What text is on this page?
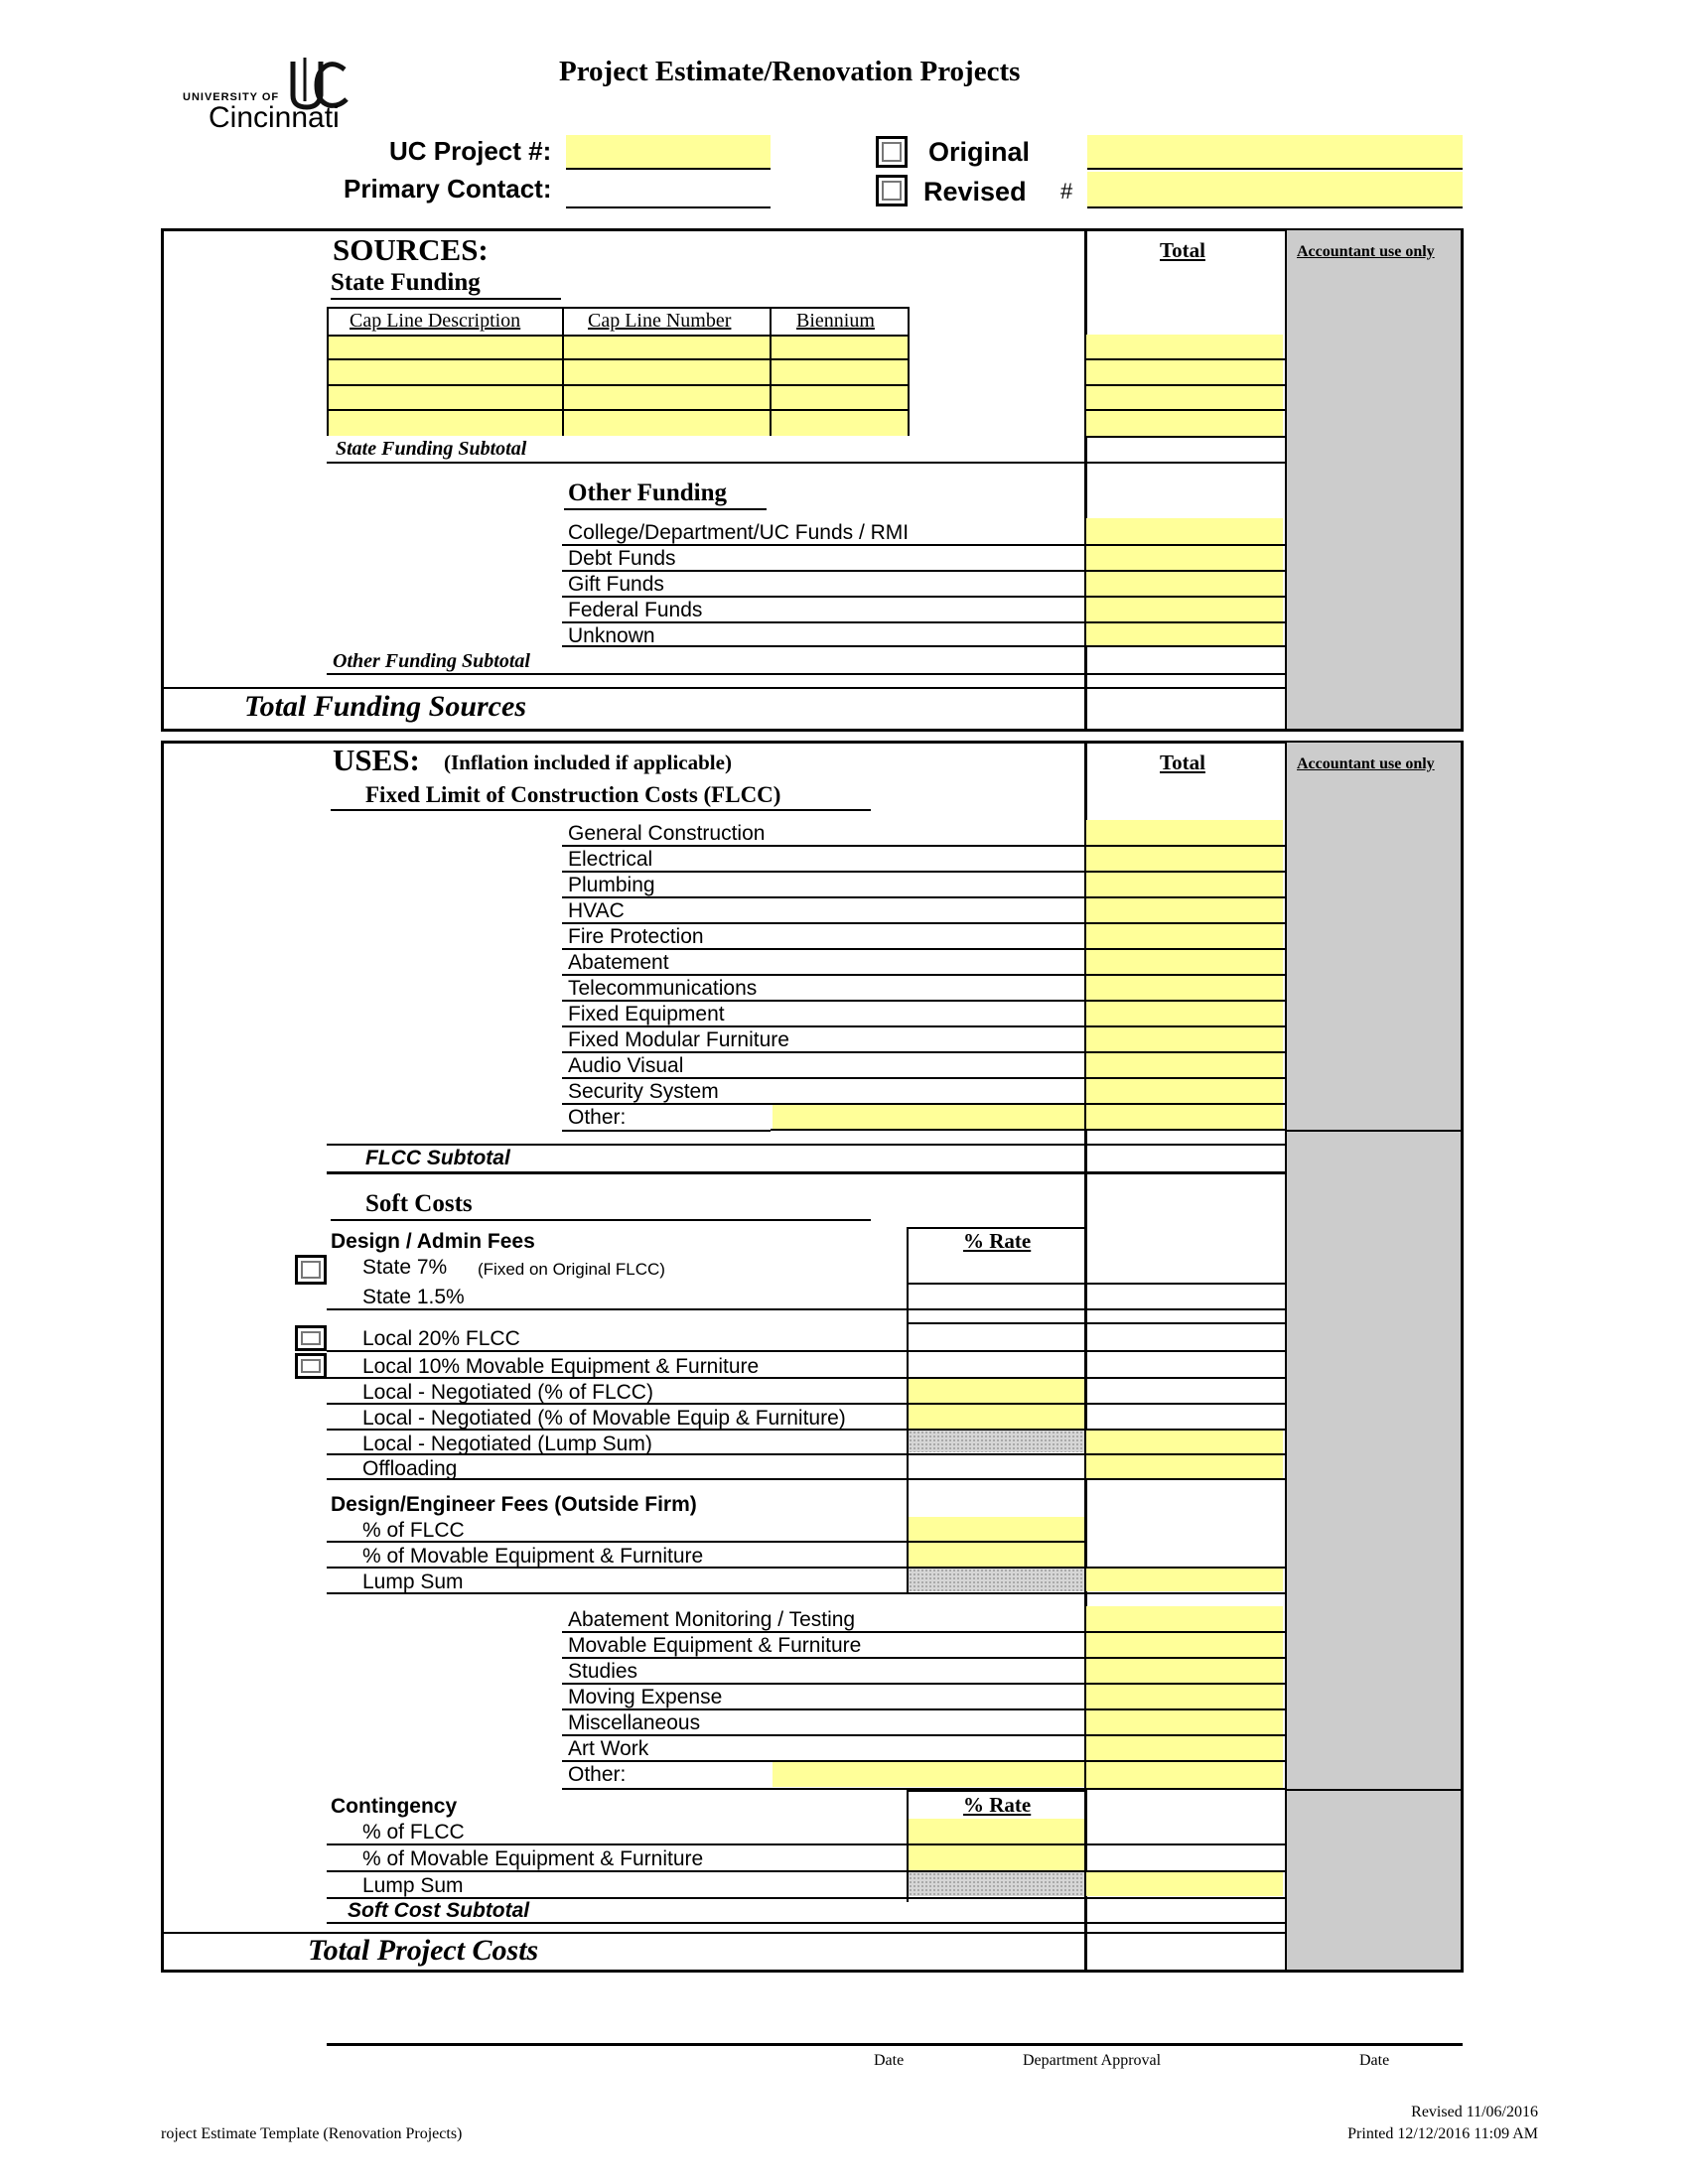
UNIVERSITY OF
Cincinnati
Project Estimate/Renovation Projects
UC Project #:
Primary Contact:
Original
Revised #
SOURCES:	Total	Accountant use only
State Funding
Cap Line Description	Cap Line Number	Biennium
State Funding Subtotal
Other Funding
College/Department/UC Funds / RMI
Debt Funds
Gift Funds
Federal Funds
Unknown
Other Funding Subtotal
Total Funding Sources
USES: (Inflation included if applicable)	Total	Accountant use only
Fixed Limit of Construction Costs (FLCC)
General Construction
Electrical
Plumbing
HVAC
Fire Protection
Abatement
Telecommunications
Fixed Equipment
Fixed Modular Furniture
Audio Visual
Security System
Other:
FLCC Subtotal
Soft Costs
% Rate
Design / Admin Fees
State 7% (Fixed on Original FLCC)
State 1.5%
Local 20% FLCC
Local 10% Movable Equipment & Furniture
Local - Negotiated (% of FLCC)
Local - Negotiated (% of Movable Equip & Furniture)
Local - Negotiated (Lump Sum)
Offloading
Design/Engineer Fees (Outside Firm)
% of FLCC
% of Movable Equipment & Furniture
Lump Sum
Abatement Monitoring / Testing
Movable Equipment & Furniture
Studies
Moving Expense
Miscellaneous
Art Work
Other:
% Rate
Contingency
% of FLCC
% of Movable Equipment & Furniture
Lump Sum
Soft Cost Subtotal
Total Project Costs
Date	Department Approval	Date
roject Estimate Template (Renovation Projects)
Revised 11/06/2016
Printed 12/12/2016 11:09 AM
